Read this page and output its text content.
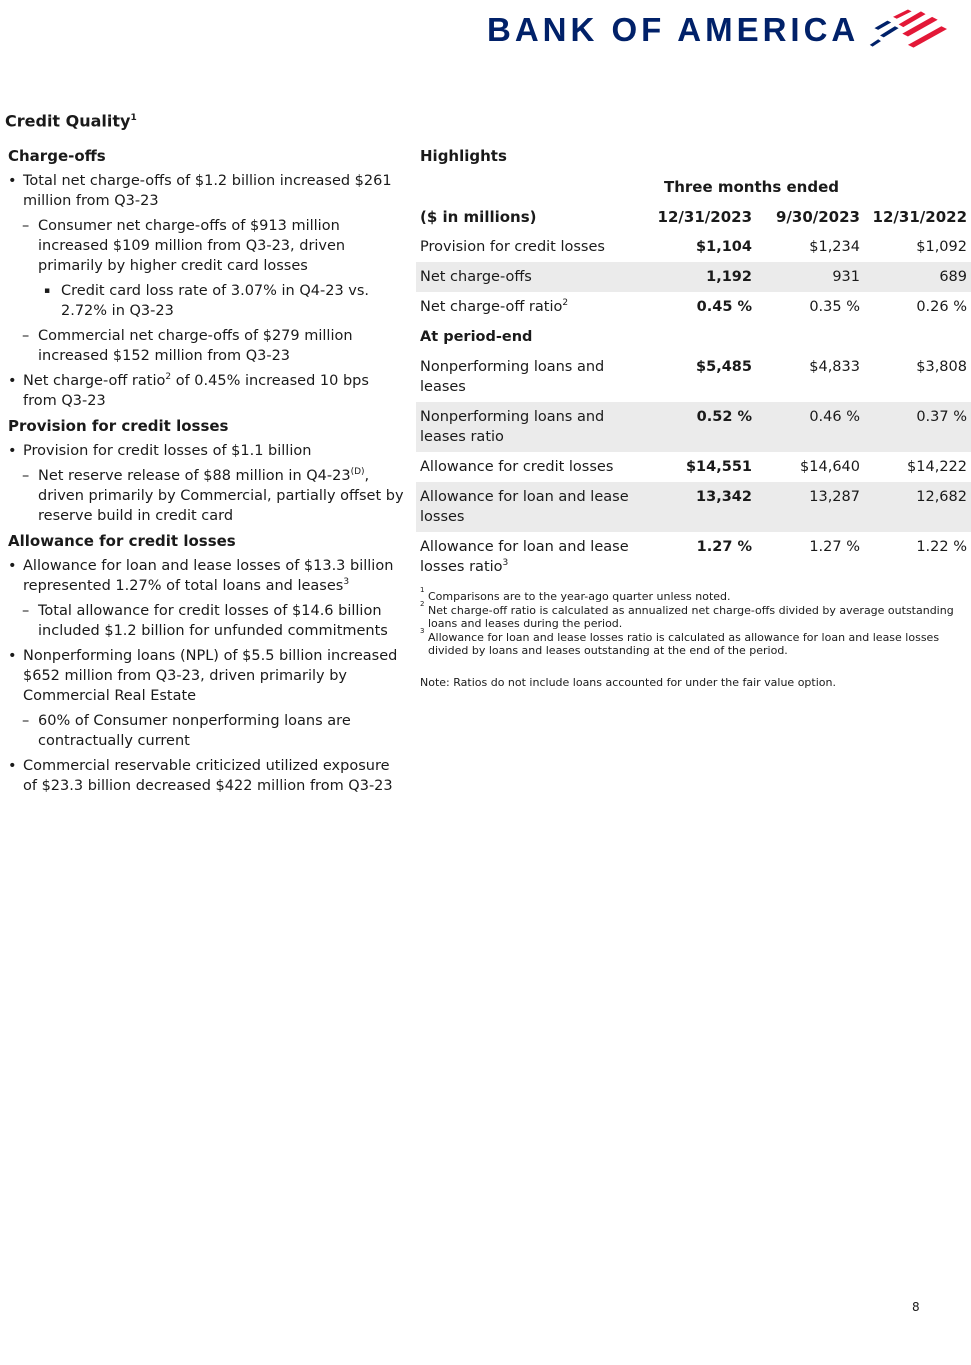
BANK OF AMERICA
Credit Quality$^1$
Charge-offs
• Total net charge-offs of $1.2 billion increased $261 million from Q3-23
– Consumer net charge-offs of $913 million increased $109 million from Q3-23, driven primarily by higher credit card losses
▪ Credit card loss rate of 3.07% in Q4-23 vs. 2.72% in Q3-23
– Commercial net charge-offs of $279 million increased $152 million from Q3-23
• Net charge-off ratio$^2$ of 0.45% increased 10 bps from Q3-23
Provision for credit losses
• Provision for credit losses of $1.1 billion
– Net reserve release of $88 million in $Q4-23^{(D)}$, driven primarily by Commercial, partially offset by reserve build in credit card
Allowance for credit losses
• Allowance for loan and lease losses of $13.3 billion represented 1.27% of total loans and leases$^3$
– Total allowance for credit losses of $14.6 billion included $1.2 billion for unfunded commitments
• Nonperforming loans (NPL) of $5.5 billion increased $652 million from Q3-23, driven primarily by Commercial Real Estate
– 60% of Consumer nonperforming loans are contractually current
• Commercial reservable criticized utilized exposure of $23.3 billion decreased $422 million from Q3-23
Highlights
Three months ended			
($ in millions)	12/31/2023	9/30/2023	12/31/2022
Provision for credit losses	$1,104	$1,234	$1,092
Net charge-offs	1,192	931	689
Net charge-off ratio$^2$	0.45 %	0.35 %	0.26 %
At period-end			
Nonperforming loans and leases	$5,485	$4,833	$3,808
Nonperforming loans and leases ratio	0.52 %	0.46 %	0.37 %
Allowance for credit losses	$14,551	$14,640	$14,222
Allowance for loan and lease losses	13,342	13,287	12,682
Allowance for loan and lease losses ratio$^3$	1.27 %	1.27 %	1.22 %
1 Comparisons are to the year-ago quarter unless noted.
2 Net charge-off ratio is calculated as annualized net charge-offs divided by average outstanding loans and leases during the period.
3 Allowance for loan and lease losses ratio is calculated as allowance for loan and lease losses divided by loans and leases outstanding at the end of the period.
Note: Ratios do not include loans accounted for under the fair value option.
8
